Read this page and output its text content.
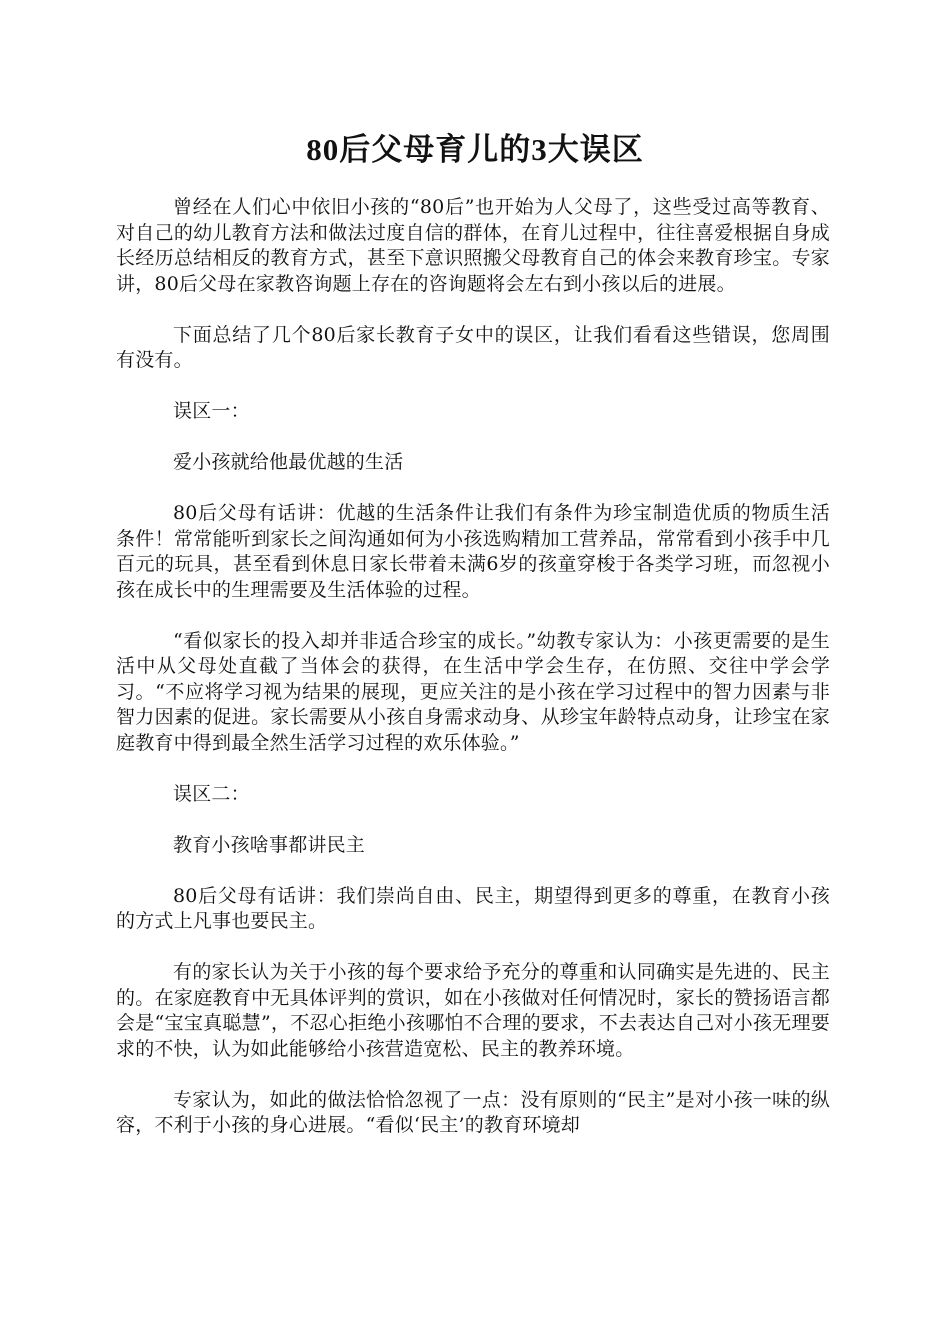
80后父母育儿的3大误区

曾经在人们心中依旧小孩的“80后”也开始为人父母了，这些受过高等教育、对自己的幼儿教育方法和做法过度自信的群体，在育儿过程中，往往喜爱根据自身成长经历总结相反的教育方式，甚至下意识照搬父母教育自己的体会来教育珍宝。专家讲，80后父母在家教咨询题上存在的咨询题将会左右到小孩以后的进展。

下面总结了几个80后家长教育子女中的误区，让我们看看这些错误，您周围有没有。

误区一：

爱小孩就给他最优越的生活

80后父母有话讲：优越的生活条件让我们有条件为珍宝制造优质的物质生活条件！常常能听到家长之间沟通如何为小孩选购精加工营养品，常常看到小孩手中几百元的玩具，甚至看到休息日家长带着未满6岁的孩童穿梭于各类学习班，而忽视小孩在成长中的生理需要及生活体验的过程。

“看似家长的投入却并非适合珍宝的成长。”幼教专家认为：小孩更需要的是生活中从父母处直截了当体会的获得，在生活中学会生存，在仿照、交往中学会学习。“不应将学习视为结果的展现，更应关注的是小孩在学习过程中的智力因素与非智力因素的促进。家长需要从小孩自身需求动身、从珍宝年龄特点动身，让珍宝在家庭教育中得到最全然生活学习过程的欢乐体验。”

误区二：

教育小孩啥事都讲民主

80后父母有话讲：我们崇尚自由、民主，期望得到更多的尊重，在教育小孩的方式上凡事也要民主。

有的家长认为关于小孩的每个要求给予充分的尊重和认同确实是先进的、民主的。在家庭教育中无具体评判的赏识，如在小孩做对任何情况时，家长的赞扬语言都会是“宝宝真聪慧”，不忍心拒绝小孩哪怕不合理的要求，不去表达自己对小孩无理要求的不快，认为如此能够给小孩营造宽松、民主的教养环境。

专家认为，如此的做法恰恰忽视了一点：没有原则的“民主”是对小孩一味的纵容，不利于小孩的身心进展。“看似‘民主’的教育环境却
